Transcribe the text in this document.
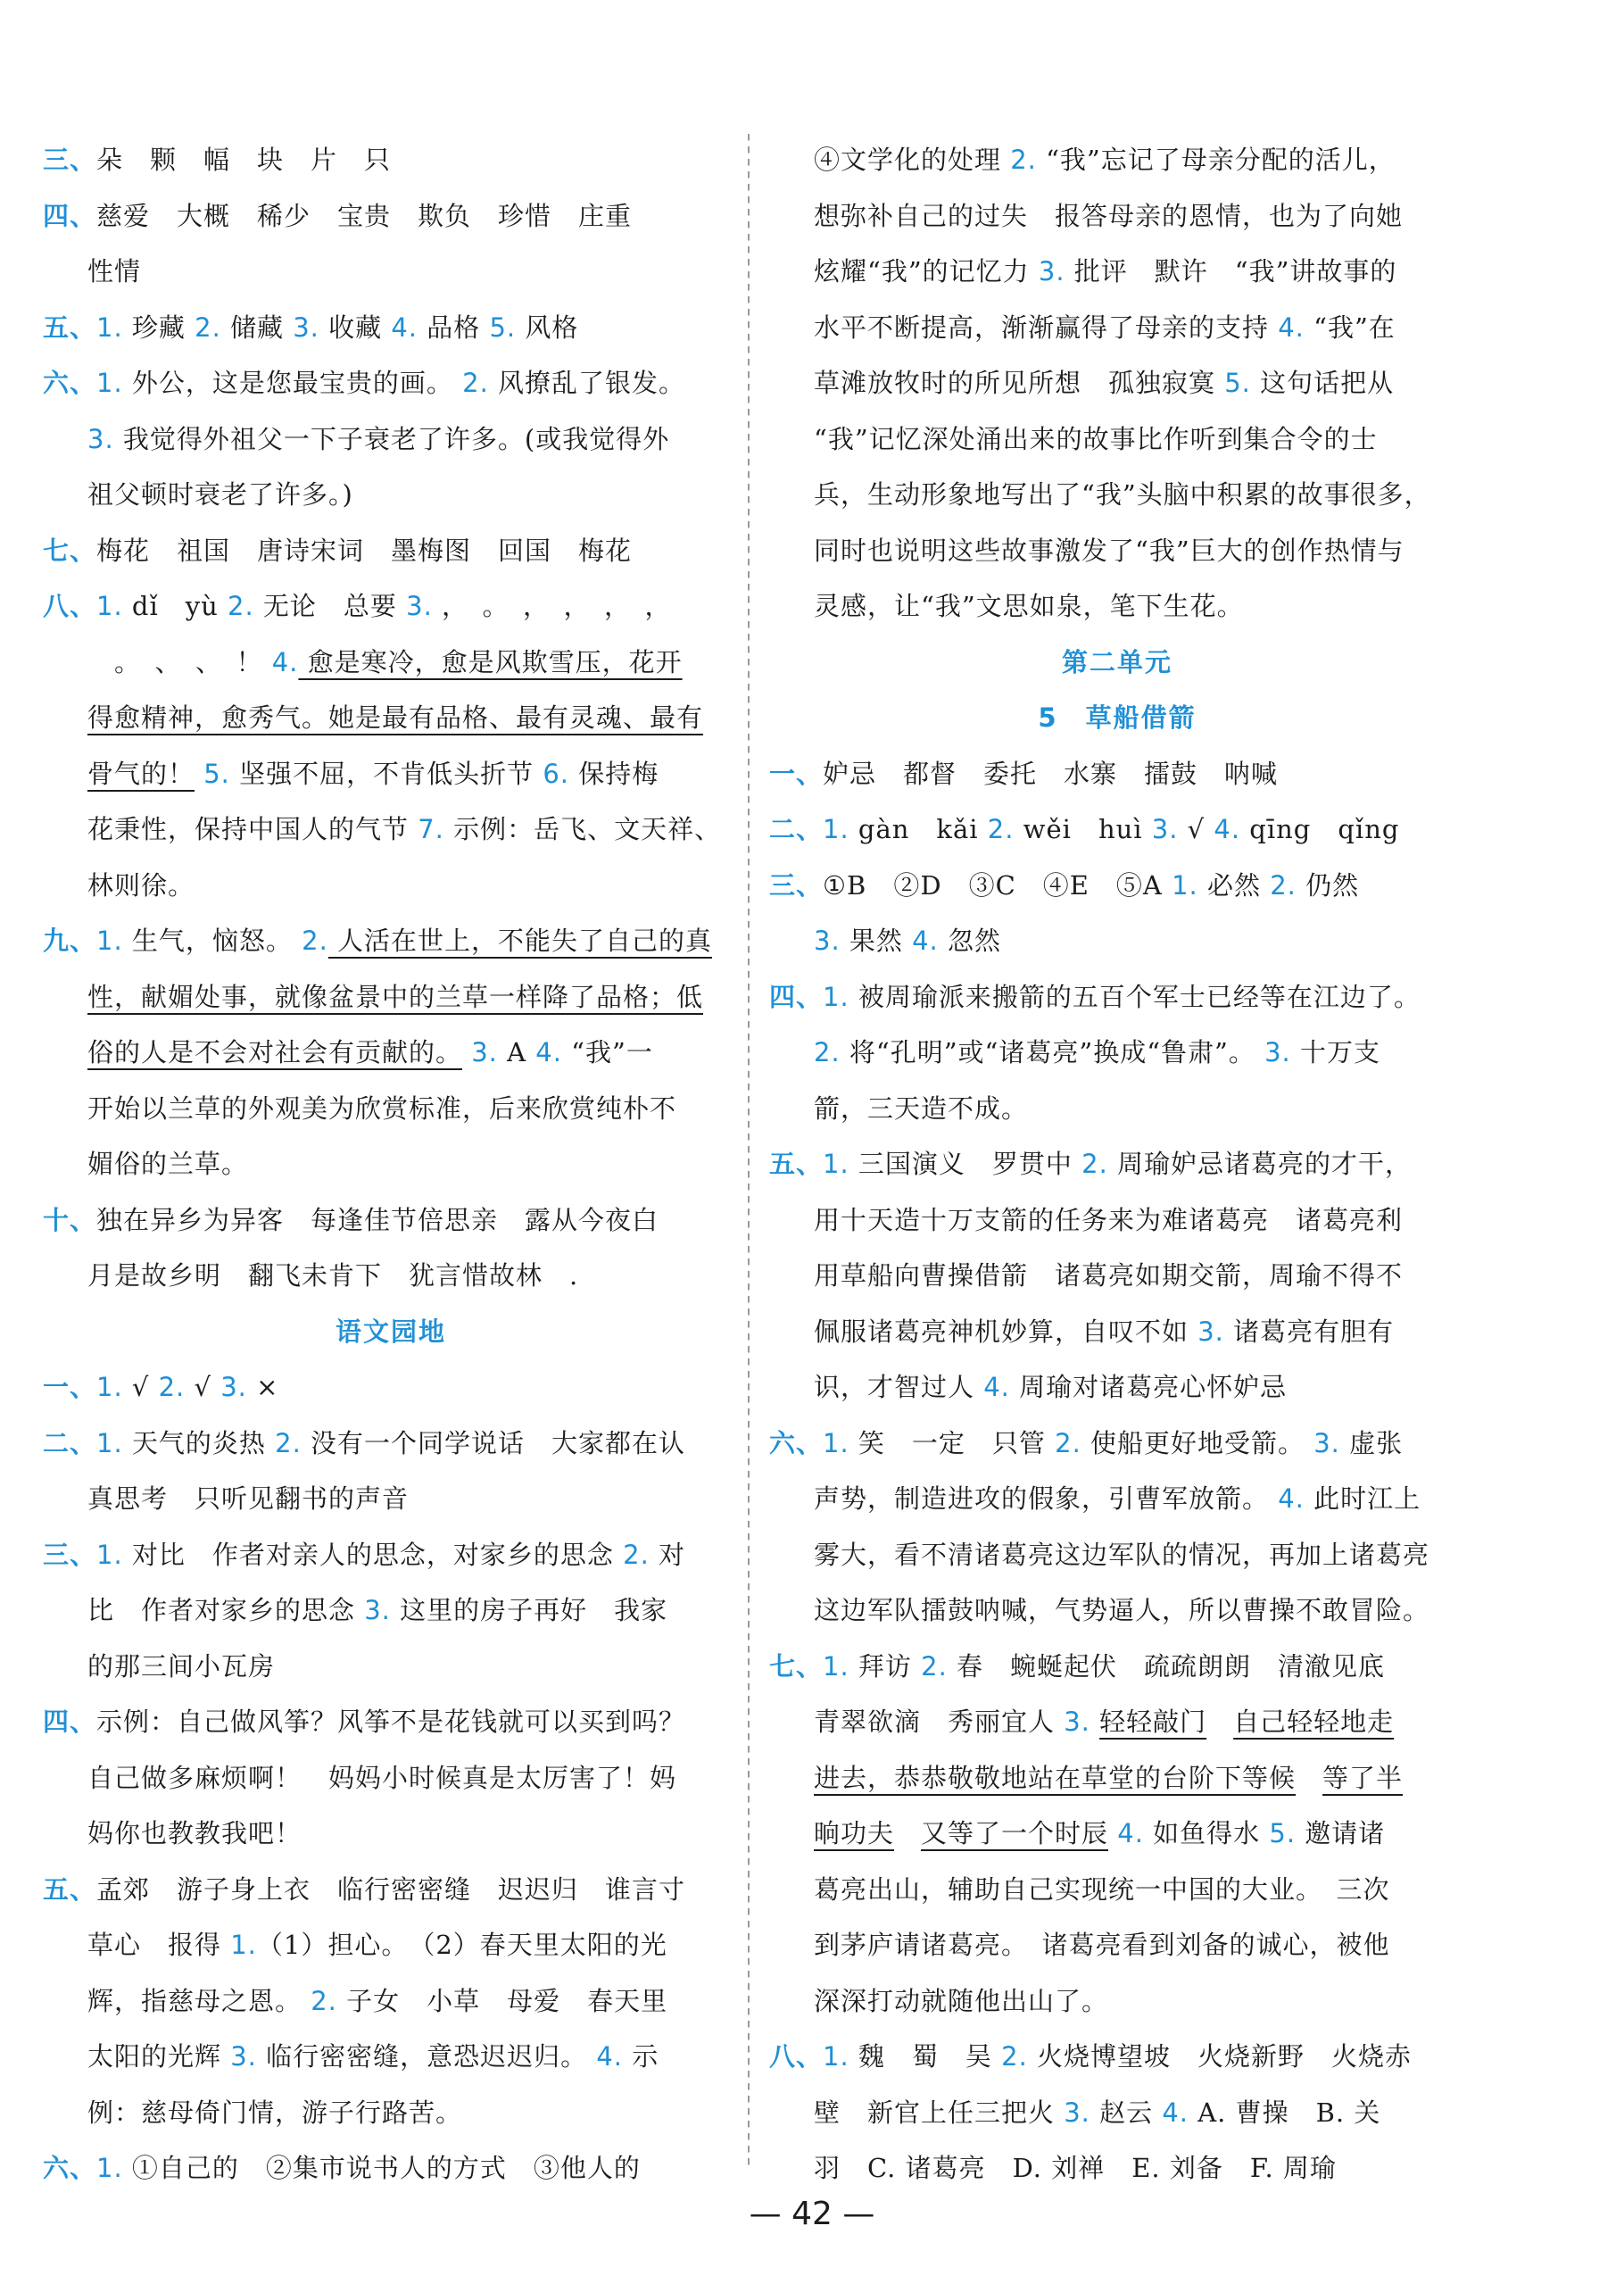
三、朵　颗　幅　块　片　只
四、慈爱　大概　稀少　宝贵　欺负　珍惜　庄重
性情
五、1. 珍藏 2. 储藏 3. 收藏 4. 品格 5. 风格
六、1. 外公，这是您最宝贵的画。 2. 风撩乱了银发。
3. 我觉得外祖父一下子衰老了许多。(或我觉得外
祖父顿时衰老了许多。)
七、梅花　祖国　唐诗宋词　墨梅图　回国　梅花
八、1. dǐ　yù 2. 无论　总要 3. ，　。　，　，　，　，
　。　、　、　！ 4. 愈是寒冷，愈是风欺雪压，花开
得愈精神，愈秀气。她是最有品格、最有灵魂、最有
骨气的！ 5. 坚强不屈，不肯低头折节 6. 保持梅
花秉性，保持中国人的气节 7. 示例：岳飞、文天祥、
林则徐。
九、1. 生气，恼怒。 2. 人活在世上，不能失了自己的真
性，献媚处事，就像盆景中的兰草一样降了品格；低
俗的人是不会对社会有贡献的。 3. A 4. “我”一
开始以兰草的外观美为欣赏标准，后来欣赏纯朴不
媚俗的兰草。
十、独在异乡为异客　每逢佳节倍思亲　露从今夜白
月是故乡明　翻飞未肯下　犹言惜故林　.
语文园地
一、1. √ 2. √ 3. ×
二、1. 天气的炎热 2. 没有一个同学说话　大家都在认
真思考　只听见翻书的声音
三、1. 对比　作者对亲人的思念，对家乡的思念 2. 对
比　作者对家乡的思念 3. 这里的房子再好　我家
的那三间小瓦房
四、示例：自己做风筝？风筝不是花钱就可以买到吗？
自己做多麻烦啊！　妈妈小时候真是太厉害了！妈
妈你也教教我吧！
五、孟郊　游子身上衣　临行密密缝　迟迟归　谁言寸
草心　报得 1.（1）担心。　（2）春天里太阳的光
辉，指慈母之恩。 2. 子女　小草　母爱　春天里
太阳的光辉 3. 临行密密缝，意恐迟迟归。 4. 示
例：慈母倚门情，游子行路苦。
六、1. ①自己的　②集市说书人的方式　③他人的
④文学化的处理 2. “我”忘记了母亲分配的活儿，
想弥补自己的过失　报答母亲的恩情，也为了向她
炫耀“我”的记忆力 3. 批评　默许　“我”讲故事的
水平不断提高，渐渐赢得了母亲的支持 4. “我”在
草滩放牧时的所见所想　孤独寂寞 5. 这句话把从
“我”记忆深处涌出来的故事比作听到集合令的士
兵，生动形象地写出了“我”头脑中积累的故事很多，
同时也说明这些故事激发了“我”巨大的创作热情与
灵感，让“我”文思如泉，笔下生花。
第二单元
5　草船借箭
一、妒忌　都督　委托　水寨　擂鼓　呐喊
二、1. gàn　kǎi 2. wěi　huì 3. √ 4. qīng　qǐng
三、①B　②D　③C　④E　⑤A 1. 必然 2. 仍然
3. 果然 4. 忽然
四、1. 被周瑜派来搬箭的五百个军士已经等在江边了。
2. 将“孔明”或“诸葛亮”换成“鲁肃”。 3. 十万支
箭，三天造不成。
五、1. 三国演义　罗贯中 2. 周瑜妒忌诸葛亮的才干，
用十天造十万支箭的任务来为难诸葛亮　诸葛亮利
用草船向曹操借箭　诸葛亮如期交箭，周瑜不得不
佩服诸葛亮神机妙算，自叹不如 3. 诸葛亮有胆有
识，才智过人 4. 周瑜对诸葛亮心怀妒忌
六、1. 笑　一定　只管 2. 使船更好地受箭。 3. 虚张
声势，制造进攻的假象，引曹军放箭。 4. 此时江上
雾大，看不清诸葛亮这边军队的情况，再加上诸葛亮
这边军队擂鼓呐喊，气势逼人，所以曹操不敢冒险。
七、1. 拜访 2. 春　蜿蜒起伏　疏疏朗朗　清澈见底
青翠欲滴　秀丽宜人 3. 轻轻敲门　 自己轻轻地走
进去，恭恭敬敬地站在草堂的台阶下等候　 等了半
晌功夫　 又等了一个时辰 4. 如鱼得水 5. 邀请诸
葛亮出山，辅助自己实现统一中国的大业。　三次
到茅庐请诸葛亮。　诸葛亮看到刘备的诚心，被他
深深打动就随他出山了。
八、1. 魏　蜀　吴 2. 火烧博望坡　火烧新野　火烧赤
壁　新官上任三把火 3. 赵云 4. A. 曹操　B. 关
羽　C. 诸葛亮　D. 刘禅　E. 刘备　F. 周瑜
— 42 —
